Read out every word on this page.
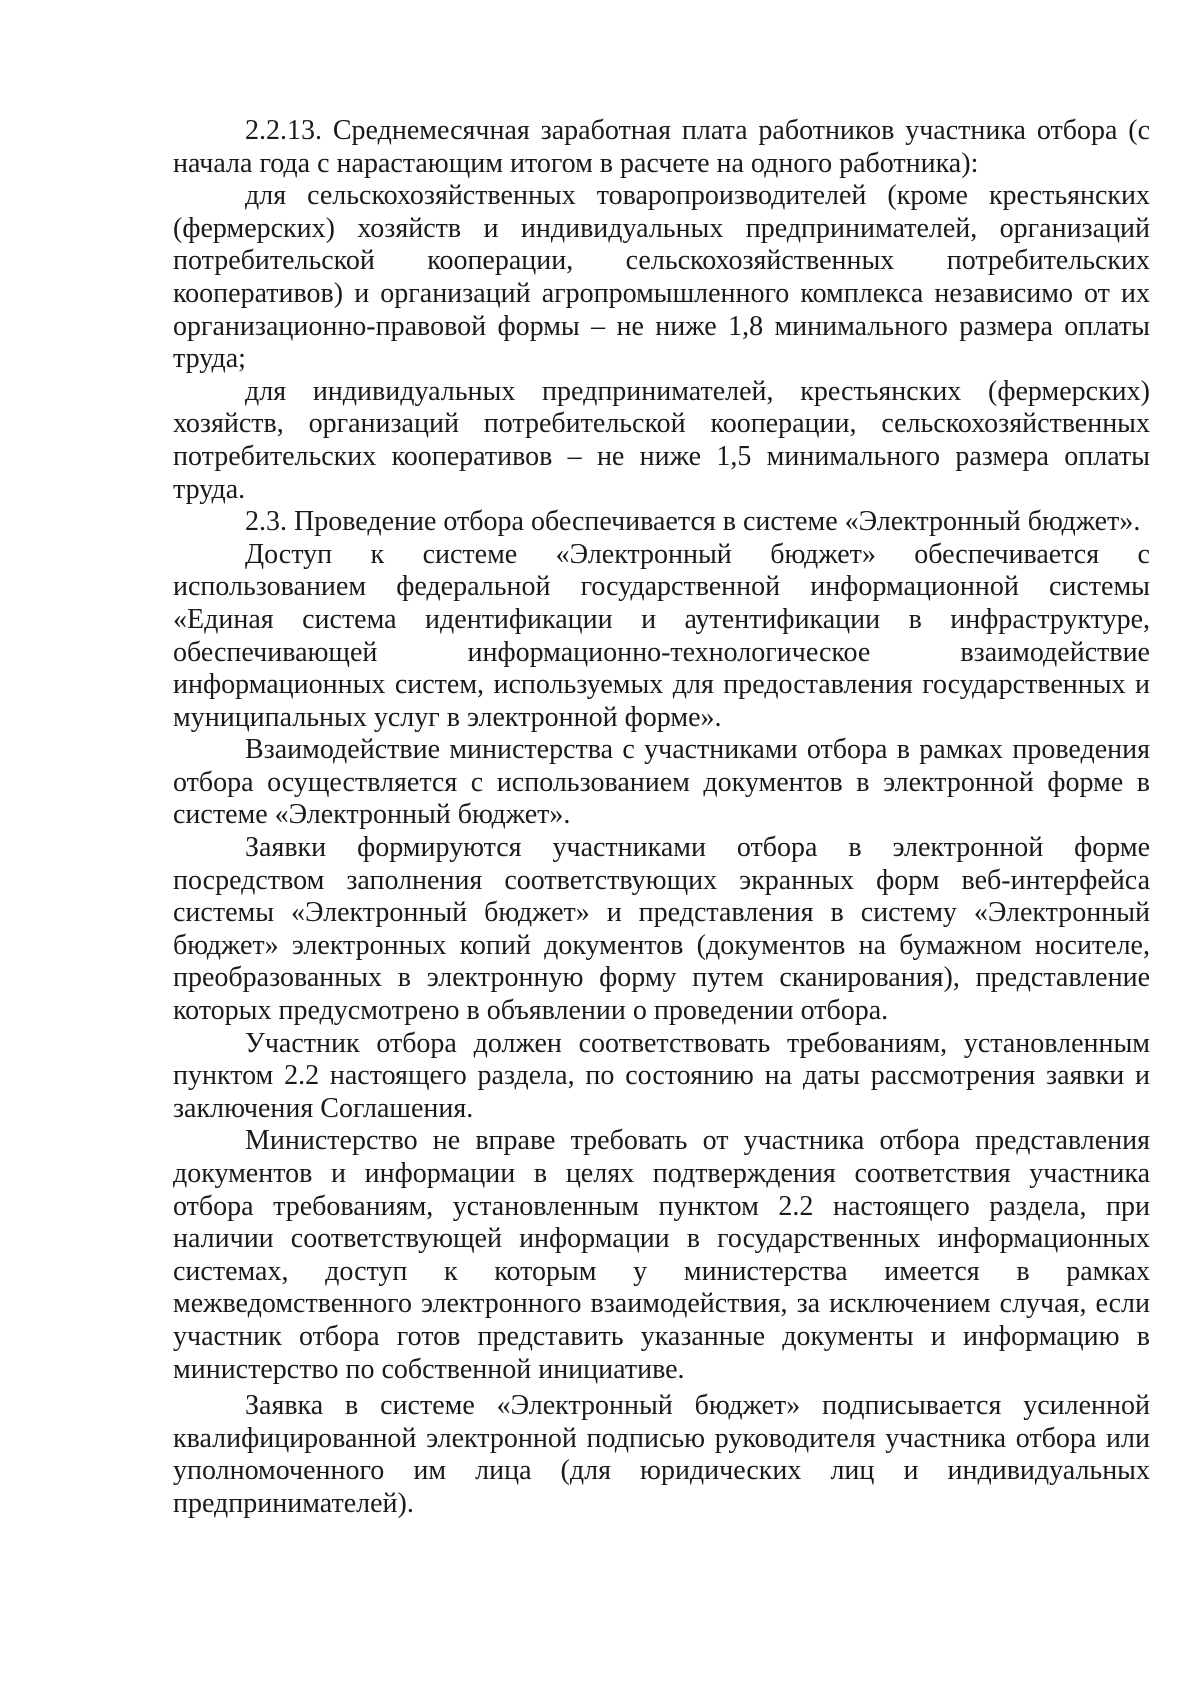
2.2.13. Среднемесячная заработная плата работников участника отбора (с начала года с нарастающим итогом в расчете на одного работника):

для сельскохозяйственных товаропроизводителей (кроме крестьянских (фермерских) хозяйств и индивидуальных предпринимателей, организаций потребительской кооперации, сельскохозяйственных потребительских кооперативов) и организаций агропромышленного комплекса независимо от их организационно-правовой формы – не ниже 1,8 минимального размера оплаты труда;

для индивидуальных предпринимателей, крестьянских (фермерских) хозяйств, организаций потребительской кооперации, сельскохозяйственных потребительских кооперативов – не ниже 1,5 минимального размера оплаты труда.

2.3. Проведение отбора обеспечивается в системе «Электронный бюджет».

Доступ к системе «Электронный бюджет» обеспечивается с использованием федеральной государственной информационной системы «Единая система идентификации и аутентификации в инфраструктуре, обеспечивающей информационно-технологическое взаимодействие информационных систем, используемых для предоставления государственных и муниципальных услуг в электронной форме».

Взаимодействие министерства с участниками отбора в рамках проведения отбора осуществляется с использованием документов в электронной форме в системе «Электронный бюджет».

Заявки формируются участниками отбора в электронной форме посредством заполнения соответствующих экранных форм веб-интерфейса системы «Электронный бюджет» и представления в систему «Электронный бюджет» электронных копий документов (документов на бумажном носителе, преобразованных в электронную форму путем сканирования), представление которых предусмотрено в объявлении о проведении отбора.

Участник отбора должен соответствовать требованиям, установленным пунктом 2.2 настоящего раздела, по состоянию на даты рассмотрения заявки и заключения Соглашения.

Министерство не вправе требовать от участника отбора представления документов и информации в целях подтверждения соответствия участника отбора требованиям, установленным пунктом 2.2 настоящего раздела, при наличии соответствующей информации в государственных информационных системах, доступ к которым у министерства имеется в рамках межведомственного электронного взаимодействия, за исключением случая, если участник отбора готов представить указанные документы и информацию в министерство по собственной инициативе.

Заявка в системе «Электронный бюджет» подписывается усиленной квалифицированной электронной подписью руководителя участника отбора или уполномоченного им лица (для юридических лиц и индивидуальных предпринимателей).
